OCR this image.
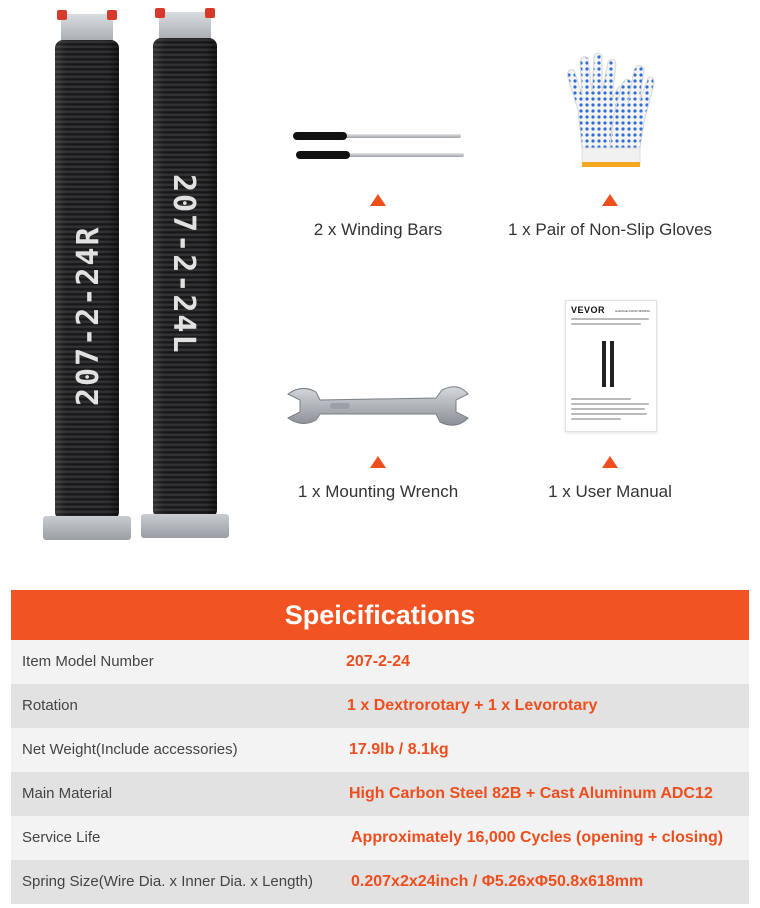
207-2-24R 207-2-24L	2 x Winding Bars	1 x Pair of Non-Slip Gloves
1 x Mounting Wrench
VEVOR	GARAGE DOOR SPRING
1 x User Manual
Speicifications
Item Model Number	207-2-24
Rotation	1 x Dextrorotary + 1 x Levorotary
Net Weight(Include accessories)	17.9lb / 8.1kg
Main Material	High Carbon Steel 82B + Cast Aluminum ADC12
Service Life	Approximately 16,000 Cycles (opening + closing)
Spring Size(Wire Dia. x Inner Dia. x Length) 0.207x2x24inch / Φ5.26xΦ50.8x618mm
